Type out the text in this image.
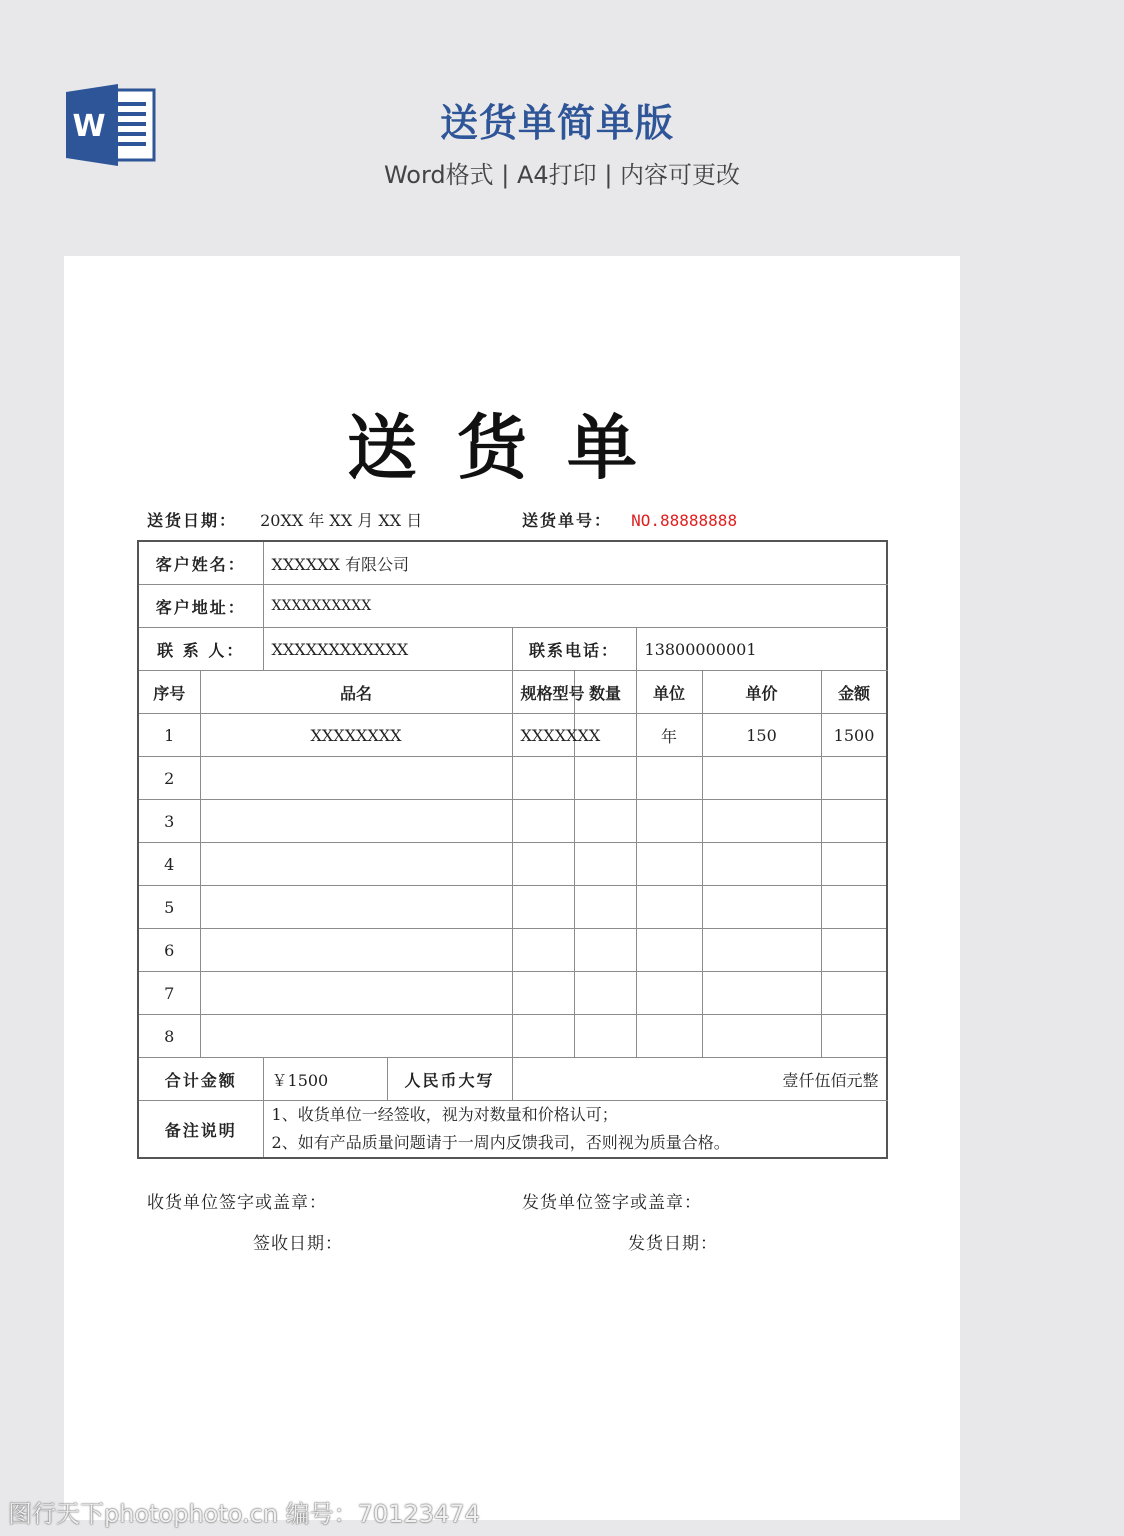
W	送货单简单版
Word格式 | A4打印 | 内容可更改
送货单
送货日期： 20XX 年 XX 月 XX 日	送货单号： NO.88888888
客户姓名：		XXXXXX 有限公司							
客户地址：		XXXXXXXXXX							
联 系 人：		XXXXXXXXXXXX		联系电话：		13800000001			
序号	品名			规格型号	数量	单位	单价	金额	
1	XXXXXXXX			XXXXXXX		年	150	1500	
2									
3									
4									
5									
6									
7									
8									
合计金额		￥1500	人民币大写	壹仟伍佰元整					
备注说明		1、收货单位一经签收，视为对数量和价格认可；
2、如有产品质量问题请于一周内反馈我司，否则视为质量合格。							
收货单位签字或盖章：	发货单位签字或盖章：
签收日期：	发货日期：
图行天下photophoto.cn 编号：70123474
